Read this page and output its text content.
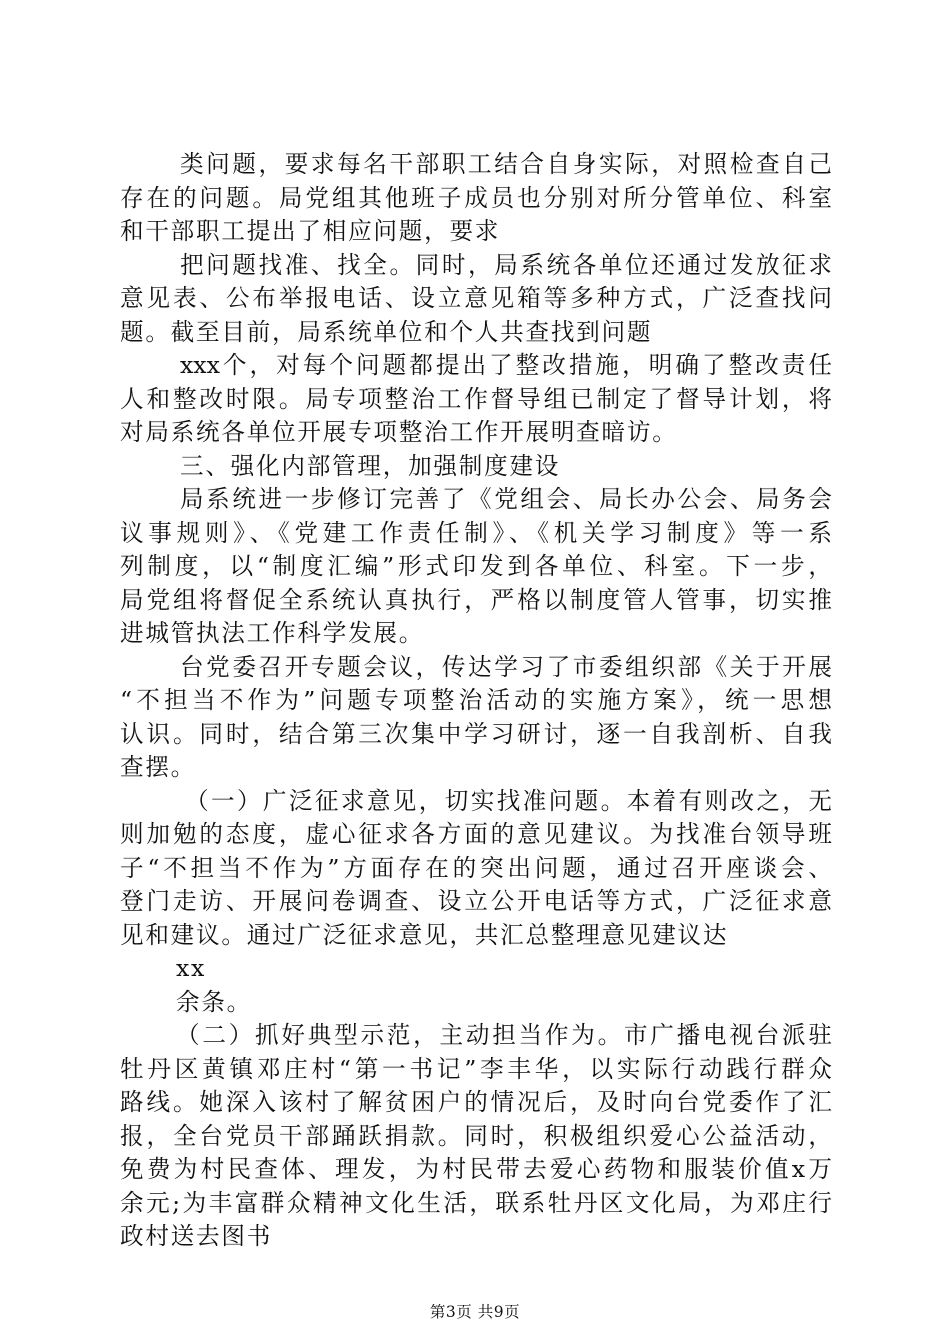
类问题，要求每名干部职工结合自身实际，对照检查自己
存在的问题。局党组其他班子成员也分别对所分管单位、科室
和干部职工提出了相应问题，要求
把问题找准、找全。同时，局系统各单位还通过发放征求
意见表、公布举报电话、设立意见箱等多种方式，广泛查找问
题。截至目前，局系统单位和个人共查找到问题
xxx个，对每个问题都提出了整改措施，明确了整改责任
人和整改时限。局专项整治工作督导组已制定了督导计划，将
对局系统各单位开展专项整治工作开展明查暗访。
三、强化内部管理，加强制度建设
局系统进一步修订完善了《党组会、局长办公会、局务会
议事规则》、《党建工作责任制》、《机关学习制度》等一系
列制度，以“制度汇编”形式印发到各单位、科室。下一步，
局党组将督促全系统认真执行，严格以制度管人管事，切实推
进城管执法工作科学发展。
台党委召开专题会议，传达学习了市委组织部《关于开展
“不担当不作为”问题专项整治活动的实施方案》，统一思想
认识。同时，结合第三次集中学习研讨，逐一自我剖析、自我
查摆。
（一）广泛征求意见，切实找准问题。本着有则改之，无
则加勉的态度，虚心征求各方面的意见建议。为找准台领导班
子“不担当不作为”方面存在的突出问题，通过召开座谈会、
登门走访、开展问卷调查、设立公开电话等方式，广泛征求意
见和建议。通过广泛征求意见，共汇总整理意见建议达
xx
余条。
（二）抓好典型示范，主动担当作为。市广播电视台派驻
牡丹区黄镇邓庄村“第一书记”李丰华，以实际行动践行群众
路线。她深入该村了解贫困户的情况后，及时向台党委作了汇
报，全台党员干部踊跃捐款。同时，积极组织爱心公益活动，
免费为村民查体、理发，为村民带去爱心药物和服装价值x万
余元;为丰富群众精神文化生活，联系牡丹区文化局，为邓庄行
政村送去图书
第3页 共9页
